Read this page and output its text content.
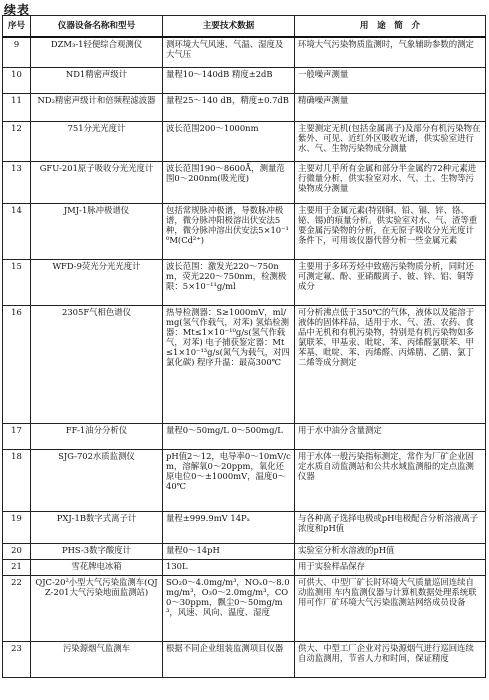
续表
序号	仪器设备名称和型号	主要技术数据	用　途　简　介
9	DZM₃-1轻便综合观测仪	测环境大气风速、气温、湿度及大气压	环境大气污染物质监测时，气象辅助参数的测定
10	ND1精密声级计	量程10～140dB 精度±2dB	一般噪声测量
11	ND₂精密声级计和倍频程滤波器	量程25～140 dB，精度±0.7dB	精确噪声测量
12	751分光光度计	波长范围200～1000nm	主要测定无机(包括金属离子)及部分有机污染物在紫外、可见、近红外区吸收光谱，供实验室进行水、气、生物污染物成分测量
13	GFU-201原子吸收分光光度计	波长范围190～8600Å，测量范围0～200nm(吸光度)	主要对几乎所有金属和部分半金属约72种元素进行微量分析，供实验室对水、气、土、生物等污染物成分测量
14	JMJ-1脉冲极谱仪	包括常规脉冲极谱，导数脉冲极谱，微分脉冲阳极溶出伏安法5种，微分脉冲溶出伏安法5×10⁻¹⁰M(Cd²⁺)	主要用于金属元素(特别铜、铅、镉、锌、铬、铋、锡)的痕量分析。供实验室对水、气、渣等重要金属污染物的分析，在无原子吸收分光光度计条件下，可用该仪器代替分析一些金属元素
15	WFD-9荧光分光光度计	波长范围：激发光220～750nm，荧光220～750nm，检测极限：5×10⁻¹¹g/ml	主要用于多环芳烃中致癌污染物质分析，同时还可测定氟、酚、亚硝酸离子、铍、锌、铝、铜等成分
16	2305F气相色谱仪	热导检测器：S≥1000mV，ml/mg(氢气作载气，对苯) 氢焰检测器：Mt≤1×10⁻¹⁰g/s(氢气作载气，对苯) 电子捕获鉴定器：Mt≤1×10⁻¹³g/s(氮气为载气，对四氯化碳) 程序升温：最高300℃	可分析沸点低于350℃的气体，液体以及能溶于液体的固体样品，适用于水、气、渣、农药、食品中无机和有机污染物，特别是有机污染物如多氯联苯、甲基汞、吡啶、苯、丙烯醛氯联苯、甲苯基、吡啶、苯、丙烯醛、丙烯腈、乙腈、氯丁二烯等成分测定
17	FF-1油分分析仪	量程0～50mg/L 0～500mg/L	用于水中油分含量测定
18	SJG-702水质监测仪	pH值2～12，电导率0～10mV/cm，溶解氧0～20ppm，氧化还原电位0～±1000mV，温度0～40℃	用于水体一般污染指标测定，常作为厂矿企业固定水质自动监测站和公共水域监测船的定点监测仪器
19	PXJ-1B数字式离子计	量程±999.9mV 14Pₓ	与各种离子选择电极或pH电极配合分析溶液离子浓度和pH值
20	PHS-3数字酸度计	量程0～14pH	实验室分析水溶液的pH值
21	雪花牌电冰箱	130L	用于实验样品保存
22	QJC-20²小型大气污染监测车(QJZ-201大气污染地面监测站)	SO₂0～4.0mg/m³，NOₓ0～8.0mg/m³，O₃0～2.0mg/m³，CO0～30ppm，飘尘0～50mg/m³，风速、风向、温度、湿度	可供大、中型厂矿长时环境大气质量巡回连续自动监测用 车内监测仪器与计算机数据处理系统联用可作厂矿环境大气污染监测站网络成员设备
23	污染源烟气监测车	根据不同企业组装监测项目仪器	供大、中型工厂企业对污染源烟气进行巡回连续自动监测用，节省人力和时间，保证精度
